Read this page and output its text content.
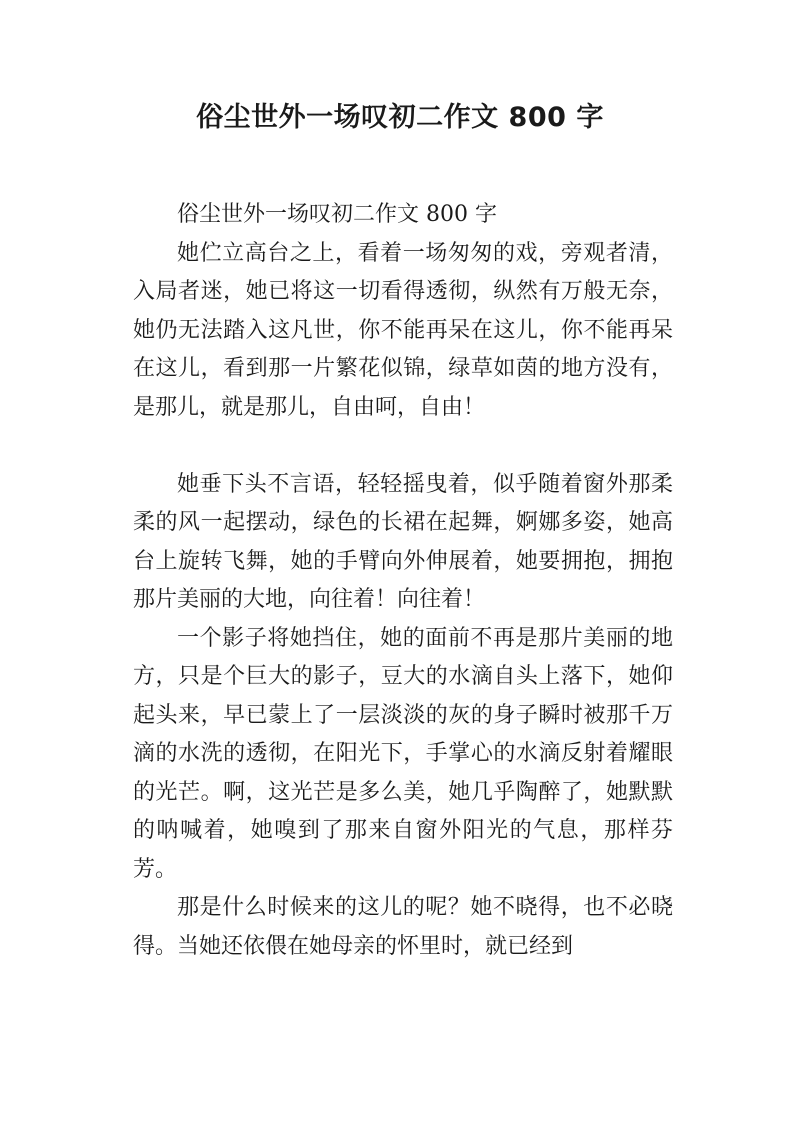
俗尘世外一场叹初二作文 800 字

俗尘世外一场叹初二作文 800 字

她伫立高台之上，看着一场匆匆的戏，旁观者清，入局者迷，她已将这一切看得透彻，纵然有万般无奈，她仍无法踏入这凡世，你不能再呆在这儿，你不能再呆在这儿，看到那一片繁花似锦，绿草如茵的地方没有，是那儿，就是那儿，自由呵，自由！

她垂下头不言语，轻轻摇曳着，似乎随着窗外那柔柔的风一起摆动，绿色的长裙在起舞，婀娜多姿，她高台上旋转飞舞，她的手臂向外伸展着，她要拥抱，拥抱那片美丽的大地，向往着！向往着！

一个影子将她挡住，她的面前不再是那片美丽的地方，只是个巨大的影子，豆大的水滴自头上落下，她仰起头来，早已蒙上了一层淡淡的灰的身子瞬时被那千万滴的水洗的透彻，在阳光下，手掌心的水滴反射着耀眼的光芒。啊，这光芒是多么美，她几乎陶醉了，她默默的呐喊着，她嗅到了那来自窗外阳光的气息，那样芬芳。

那是什么时候来的这儿的呢？她不晓得，也不必晓得。当她还依偎在她母亲的怀里时，就已经到
